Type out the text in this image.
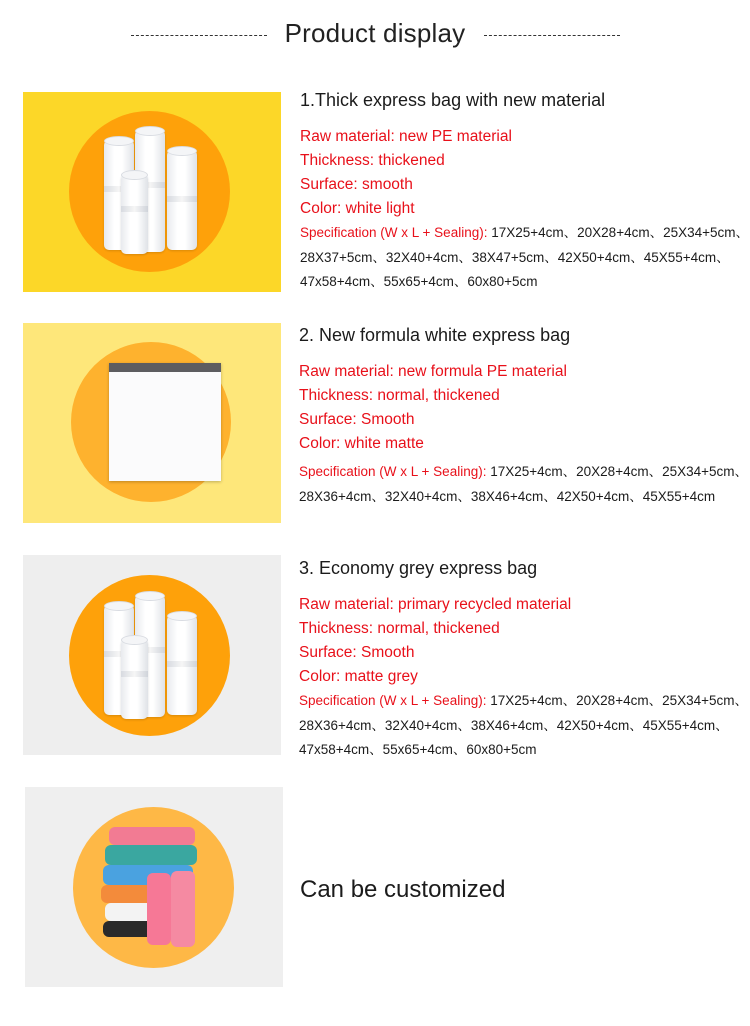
Product display
1.Thick express bag with new material
Raw material: new PE material
Thickness: thickened
Surface: smooth
Color: white light
Specification (W x L + Sealing): 17X25+4cm、20X28+4cm、25X34+5cm、
28X37+5cm、32X40+4cm、38X47+5cm、42X50+4cm、45X55+4cm、
47x58+4cm、55x65+4cm、60x80+5cm
2. New formula white express bag
Raw material: new formula PE material
Thickness: normal, thickened
Surface: Smooth
Color: white matte
Specification (W x L + Sealing): 17X25+4cm、20X28+4cm、25X34+5cm、
28X36+4cm、32X40+4cm、38X46+4cm、42X50+4cm、45X55+4cm
3. Economy grey express bag
Raw material: primary recycled material
Thickness: normal, thickened
Surface: Smooth
Color: matte grey
Specification (W x L + Sealing): 17X25+4cm、20X28+4cm、25X34+5cm、
28X36+4cm、32X40+4cm、38X46+4cm、42X50+4cm、45X55+4cm、
47x58+4cm、55x65+4cm、60x80+5cm
Can be customized
